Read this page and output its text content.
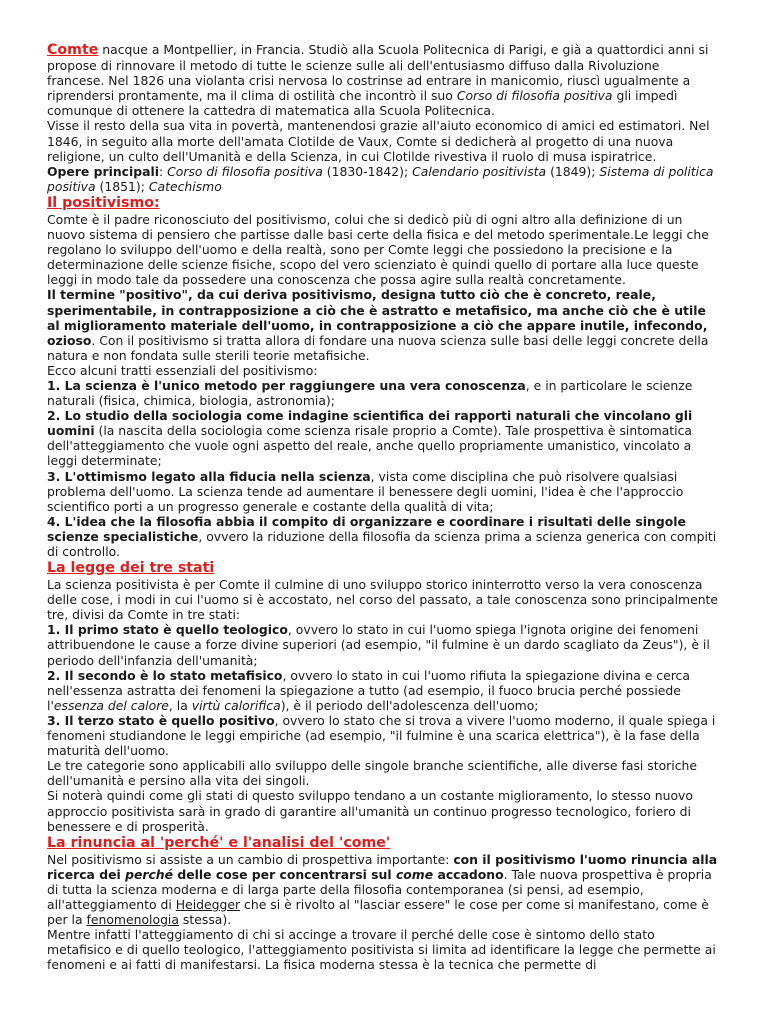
Comte nacque a Montpellier, in Francia. Studiò alla Scuola Politecnica di Parigi, e già a quattordici anni si propose di rinnovare il metodo di tutte le scienze sulle ali dell'entusiasmo diffuso dalla Rivoluzione francese. Nel 1826 una violanta crisi nervosa lo costrinse ad entrare in manicomio, riuscì ugualmente a riprendersi prontamente, ma il clima di ostilità che incontrò il suo Corso di filosofia positiva gli impedì comunque di ottenere la cattedra di matematica alla Scuola Politecnica.

Visse il resto della sua vita in povertà, mantenendosi grazie all'aiuto economico di amici ed estimatori. Nel 1846, in seguito alla morte dell'amata Clotilde de Vaux, Comte si dedicherà al progetto di una nuova religione, un culto dell'Umanità e della Scienza, in cui Clotilde rivestiva il ruolo di musa ispiratrice.

Opere principali: Corso di filosofia positiva (1830-1842); Calendario positivista (1849); Sistema di politica positiva (1851); Catechismo

Il positivismo:

Comte è il padre riconosciuto del positivismo, colui che si dedicò più di ogni altro alla definizione di un nuovo sistema di pensiero che partisse dalle basi certe della fisica e del metodo sperimentale.Le leggi che regolano lo sviluppo dell'uomo e della realtà, sono per Comte leggi che possiedono la precisione e la determinazione delle scienze fisiche, scopo del vero scienziato è quindi quello di portare alla luce queste leggi in modo tale da possedere una conoscenza che possa agire sulla realtà concretamente.

Il termine "positivo", da cui deriva positivismo, designa tutto ciò che è concreto, reale, sperimentabile, in contrapposizione a ciò che è astratto e metafisico, ma anche ciò che è utile al miglioramento materiale dell'uomo, in contrapposizione a ciò che appare inutile, infecondo, ozioso. Con il positivismo si tratta allora di fondare una nuova scienza sulle basi delle leggi concrete della natura e non fondata sulle sterili teorie metafisiche.

Ecco alcuni tratti essenziali del positivismo:

1. La scienza è l'unico metodo per raggiungere una vera conoscenza, e in particolare le scienze naturali (fisica, chimica, biologia, astronomia);

2. Lo studio della sociologia come indagine scientifica dei rapporti naturali che vincolano gli uomini (la nascita della sociologia come scienza risale proprio a Comte). Tale prospettiva è sintomatica dell'atteggiamento che vuole ogni aspetto del reale, anche quello propriamente umanistico, vincolato a leggi determinate;

3. L'ottimismo legato alla fiducia nella scienza, vista come disciplina che può risolvere qualsiasi problema dell'uomo. La scienza tende ad aumentare il benessere degli uomini, l'idea è che l'approccio scientifico porti a un progresso generale e costante della qualità di vita;

4. L'idea che la filosofia abbia il compito di organizzare e coordinare i risultati delle singole scienze specialistiche, ovvero la riduzione della filosofia da scienza prima a scienza generica con compiti di controllo.

La legge dei tre stati

La scienza positivista è per Comte il culmine di uno sviluppo storico ininterrotto verso la vera conoscenza delle cose, i modi in cui l'uomo si è accostato, nel corso del passato, a tale conoscenza sono principalmente tre, divisi da Comte in tre stati:

1. Il primo stato è quello teologico, ovvero lo stato in cui l'uomo spiega l'ignota origine dei fenomeni attribuendone le cause a forze divine superiori (ad esempio, "il fulmine è un dardo scagliato da Zeus"), è il periodo dell'infanzia dell'umanità;

2. Il secondo è lo stato metafisico, ovvero lo stato in cui l'uomo rifiuta la spiegazione divina e cerca nell'essenza astratta dei fenomeni la spiegazione a tutto (ad esempio, il fuoco brucia perché possiede l'essenza del calore, la virtù calorifica), è il periodo dell'adolescenza dell'uomo;

3. Il terzo stato è quello positivo, ovvero lo stato che si trova a vivere l'uomo moderno, il quale spiega i fenomeni studiandone le leggi empiriche (ad esempio, "il fulmine è una scarica elettrica"), è la fase della maturità dell'uomo.

Le tre categorie sono applicabili allo sviluppo delle singole branche scientifiche, alle diverse fasi storiche dell'umanità e persino alla vita dei singoli.

Si noterà quindi come gli stati di questo sviluppo tendano a un costante miglioramento, lo stesso nuovo approccio positivista sarà in grado di garantire all'umanità un continuo progresso tecnologico, foriero di benessere e di prosperità.

La rinuncia al 'perché' e l'analisi del 'come'

Nel positivismo si assiste a un cambio di prospettiva importante: con il positivismo l'uomo rinuncia alla ricerca dei perché delle cose per concentrarsi sul come accadono. Tale nuova prospettiva è propria di tutta la scienza moderna e di larga parte della filosofia contemporanea (si pensi, ad esempio, all'atteggiamento di Heidegger che si è rivolto al "lasciar essere" le cose per come si manifestano, come è per la fenomenologia stessa).

Mentre infatti l'atteggiamento di chi si accinge a trovare il perché delle cose è sintomo dello stato metafisico e di quello teologico, l'atteggiamento positivista si limita ad identificare la legge che permette ai fenomeni e ai fatti di manifestarsi. La fisica moderna stessa è la tecnica che permette di
